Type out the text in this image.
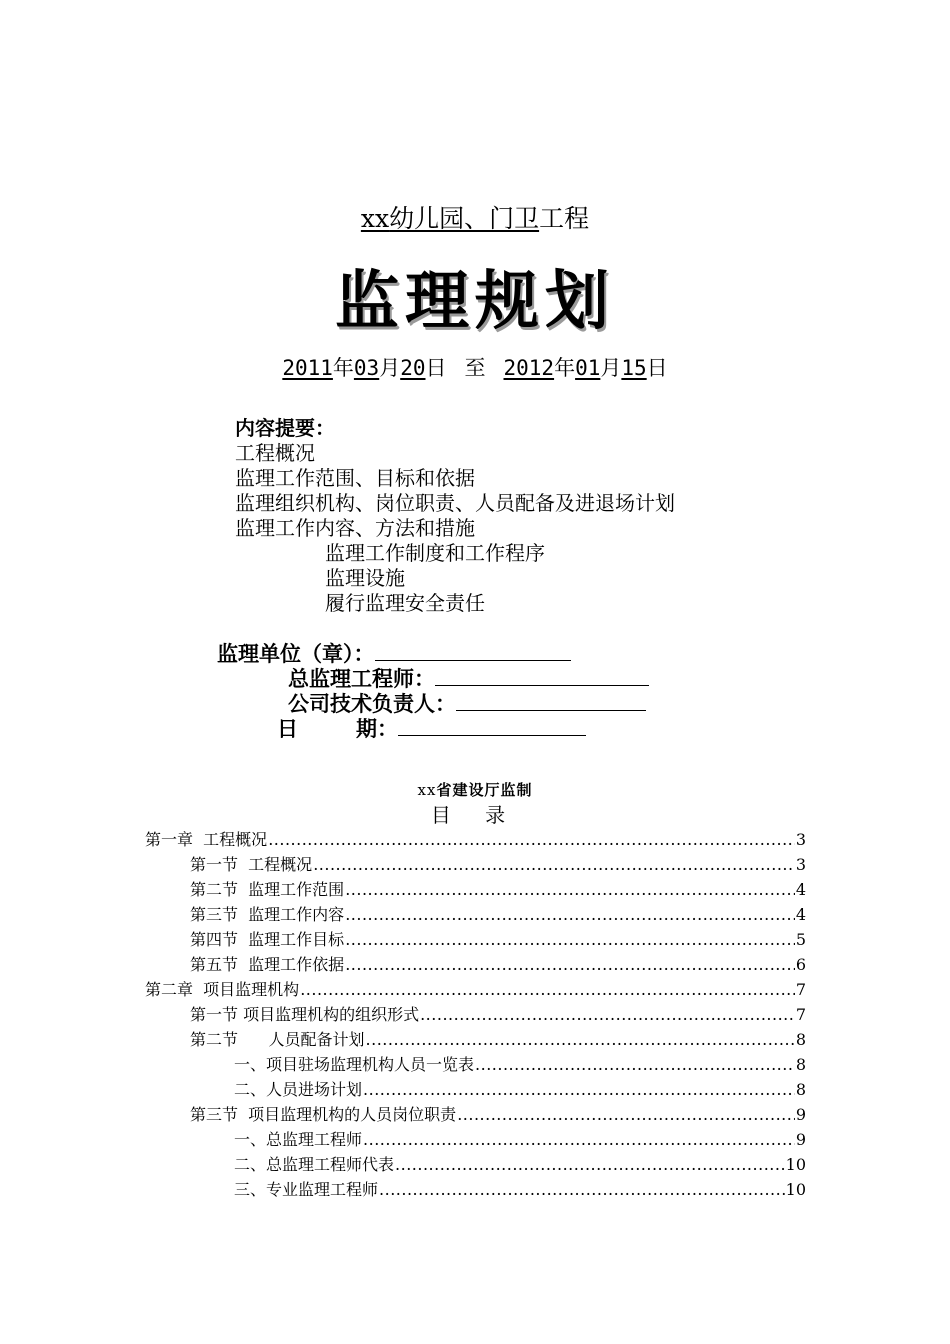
xx幼儿园、门卫工程
监理规划
2011年03月20日 至 2012年01月15日
内容提要：
工程概况
监理工作范围、目标和依据
监理组织机构、岗位职责、人员配备及进退场计划
监理工作内容、方法和措施
监理工作制度和工作程序
监理设施
履行监理安全责任
监理单位（章）：
总监理工程师：
公司技术负责人：
日	期：
xx省建设厅监制
目 录
第一章  工程概况 .....	3
第一节  工程概况 .....	3
第二节  监理工作范围 .....	4
第三节  监理工作内容 .....	4
第四节  监理工作目标 .....	5
第五节  监理工作依据 .....	6
第二章  项目监理机构 .....	7
第一节 项目监理机构的组织形式 .....	7
第二节      人员配备计划 .....	8
一、项目驻场监理机构人员一览表 .....	8
二、人员进场计划 .....	8
第三节  项目监理机构的人员岗位职责 .....	9
一、总监理工程师 .....	9
二、总监理工程师代表 .....	10
三、专业监理工程师 .....	10
